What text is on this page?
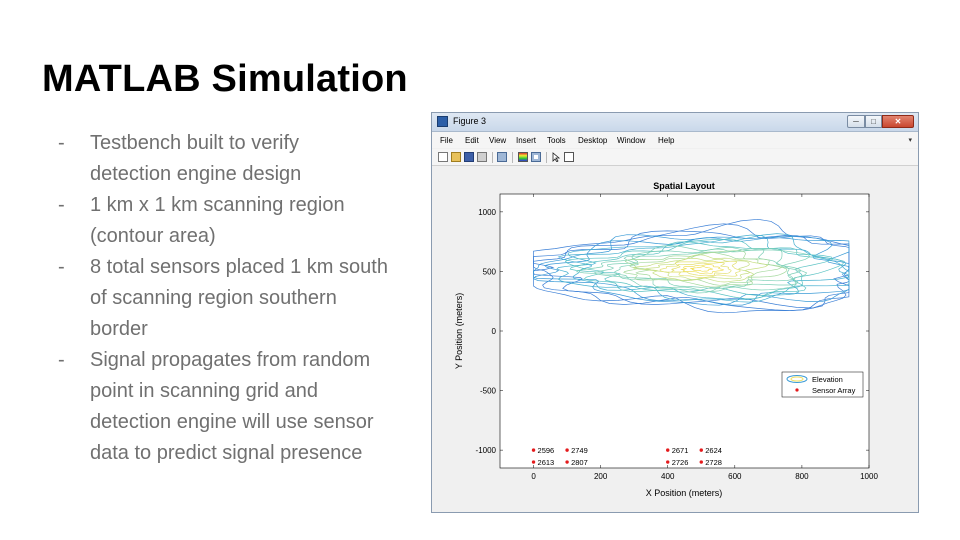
MATLAB Simulation
- Testbench built to verify
detection engine design
- 1 km x 1 km scanning region
(contour area)
- 8 total sensors placed 1 km south
of scanning region southern
border
- Signal propagates from random
point in scanning grid and
detection engine will use sensor
data to predict signal presence
Figure 3	─	□	✕
▾
File Edit View Insert Tools Desktop Window Help
0	200	400	600	800	1000
1000
500
0
-500
-1000	2596 2749
2613 2807
2671 2624
2726 2728
Spatial Layout
X Position (meters)
Y Position (meters)
Elevation
Sensor Array
